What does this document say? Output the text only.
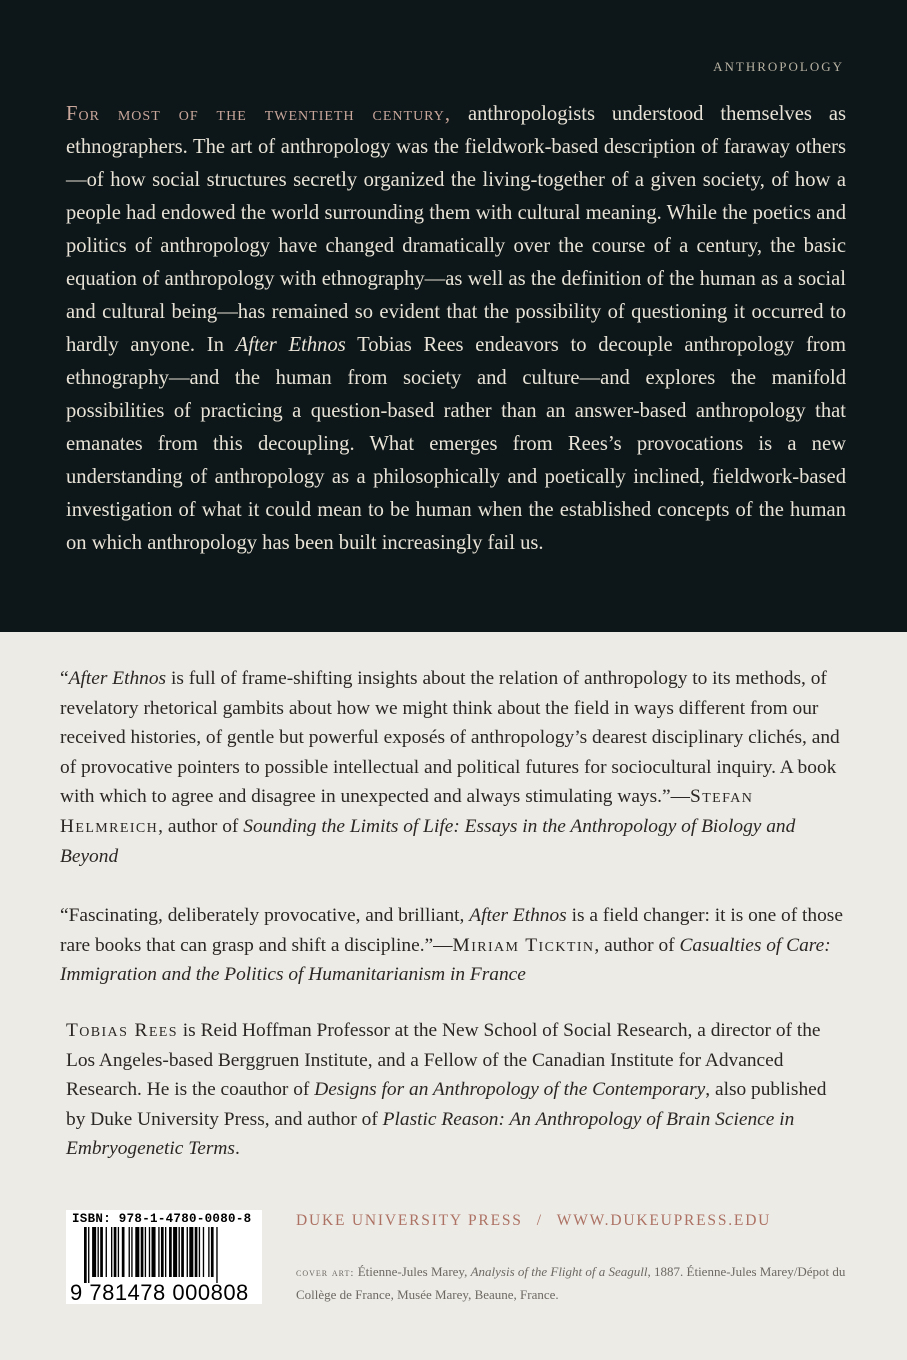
ANTHROPOLOGY

For most of the twentieth century, anthropologists understood themselves as ethnographers. The art of anthropology was the fieldwork-based description of faraway others—of how social structures secretly organized the living-together of a given society, of how a people had endowed the world surrounding them with cultural meaning. While the poetics and politics of anthropology have changed dramatically over the course of a century, the basic equation of anthropology with ethnography—as well as the definition of the human as a social and cultural being—has remained so evident that the possibility of questioning it occurred to hardly anyone. In After Ethnos Tobias Rees endeavors to decouple anthropology from ethnography—and the human from society and culture—and explores the manifold possibilities of practicing a question-based rather than an answer-based anthropology that emanates from this decoupling. What emerges from Rees’s provocations is a new understanding of anthropology as a philosophically and poetically inclined, fieldwork-based investigation of what it could mean to be human when the established concepts of the human on which anthropology has been built increasingly fail us.

“After Ethnos is full of frame-shifting insights about the relation of anthropology to its methods, of revelatory rhetorical gambits about how we might think about the field in ways different from our received histories, of gentle but powerful exposés of anthropology’s dearest disciplinary clichés, and of provocative pointers to possible intellectual and political futures for sociocultural inquiry. A book with which to agree and disagree in unexpected and always stimulating ways.”—Stefan Helmreich, author of Sounding the Limits of Life: Essays in the Anthropology of Biology and Beyond

“Fascinating, deliberately provocative, and brilliant, After Ethnos is a field changer: it is one of those rare books that can grasp and shift a discipline.”—Miriam Ticktin, author of Casualties of Care: Immigration and the Politics of Humanitarianism in France

Tobias Rees is Reid Hoffman Professor at the New School of Social Research, a director of the Los Angeles-based Berggruen Institute, and a Fellow of the Canadian Institute for Advanced Research. He is the coauthor of Designs for an Anthropology of the Contemporary, also published by Duke University Press, and author of Plastic Reason: An Anthropology of Brain Science in Embryogenetic Terms.

ISBN: 978-1-4780-0080-8
9 781478 000808
DUKE UNIVERSITY PRESS / WWW.DUKEUPRESS.EDU

cover art: Étienne-Jules Marey, Analysis of the Flight of a Seagull, 1887. Étienne-Jules Marey/Dépot du Collège de France, Musée Marey, Beaune, France.
